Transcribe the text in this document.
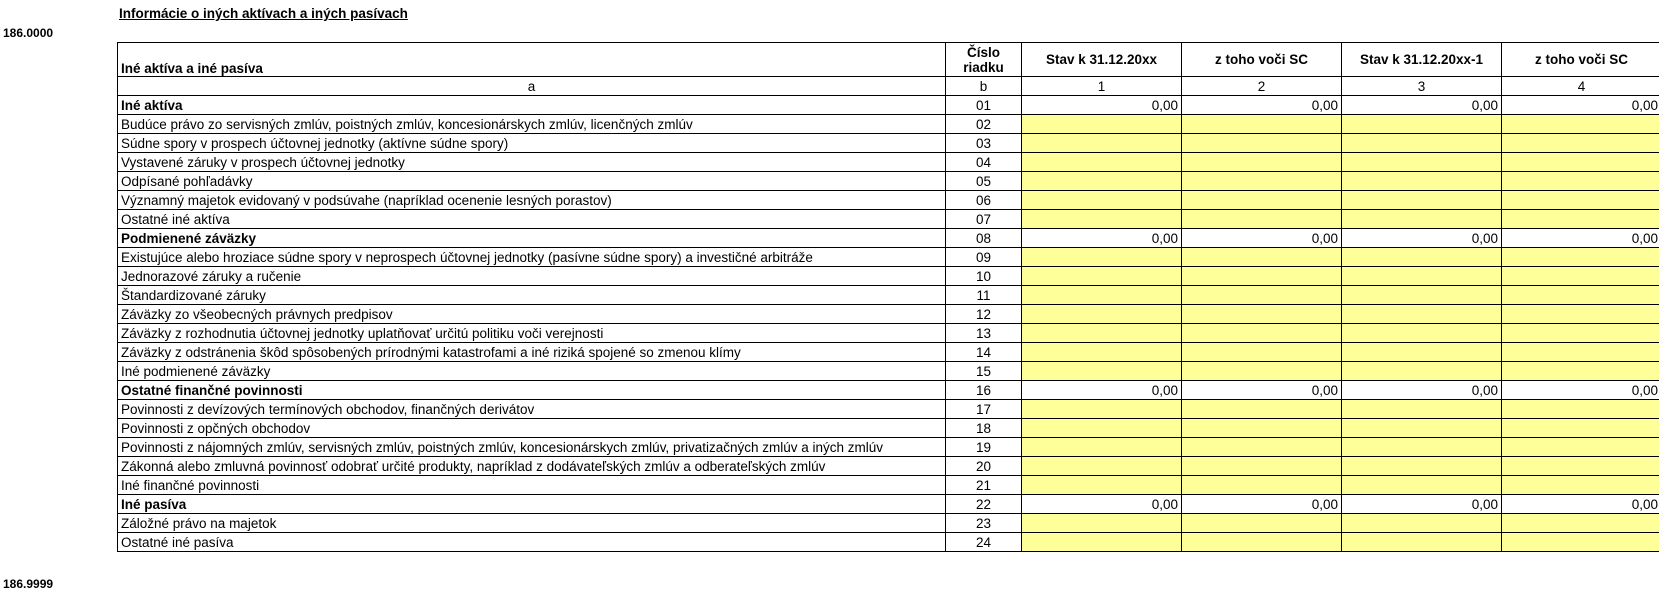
Informácie o iných aktívach a iných pasívach
186.0000
186.9999
Iné aktíva a iné pasíva	Číslo riadku	Stav k 31.12.20xx	z toho voči SC	Stav k 31.12.20xx-1	z toho voči SC
a	b	1	2	3	4
Iné aktíva	01	0,00	0,00	0,00	0,00
Budúce právo zo servisných zmlúv, poistných zmlúv, koncesionárskych zmlúv, licenčných zmlúv	02				
Súdne spory v prospech účtovnej jednotky (aktívne súdne spory)	03				
Vystavené záruky v prospech účtovnej jednotky	04				
Odpísané pohľadávky	05				
Významný majetok evidovaný v podsúvahe (napríklad ocenenie lesných porastov)	06				
Ostatné iné aktíva	07				
Podmienené záväzky	08	0,00	0,00	0,00	0,00
Existujúce alebo hroziace súdne spory v neprospech účtovnej jednotky (pasívne súdne spory) a investičné arbitráže	09				
Jednorazové záruky a ručenie	10				
Štandardizované záruky	11				
Záväzky zo všeobecných právnych predpisov	12				
Záväzky z rozhodnutia účtovnej jednotky uplatňovať určitú politiku voči verejnosti	13				
Záväzky z odstránenia škôd spôsobených prírodnými katastrofami a iné riziká spojené so zmenou klímy	14				
Iné podmienené záväzky	15				
Ostatné finančné povinnosti	16	0,00	0,00	0,00	0,00
Povinnosti z devízových termínových obchodov, finančných derivátov	17				
Povinnosti z opčných obchodov	18				
Povinnosti z nájomných zmlúv, servisných zmlúv, poistných zmlúv, koncesionárskych zmlúv, privatizačných zmlúv a iných zmlúv	19				
Zákonná alebo zmluvná povinnosť odobrať určité produkty, napríklad z dodávateľských zmlúv a odberateľských zmlúv	20				
Iné finančné povinnosti	21				
Iné pasíva	22	0,00	0,00	0,00	0,00
Záložné právo na majetok	23				
Ostatné iné pasíva	24				
